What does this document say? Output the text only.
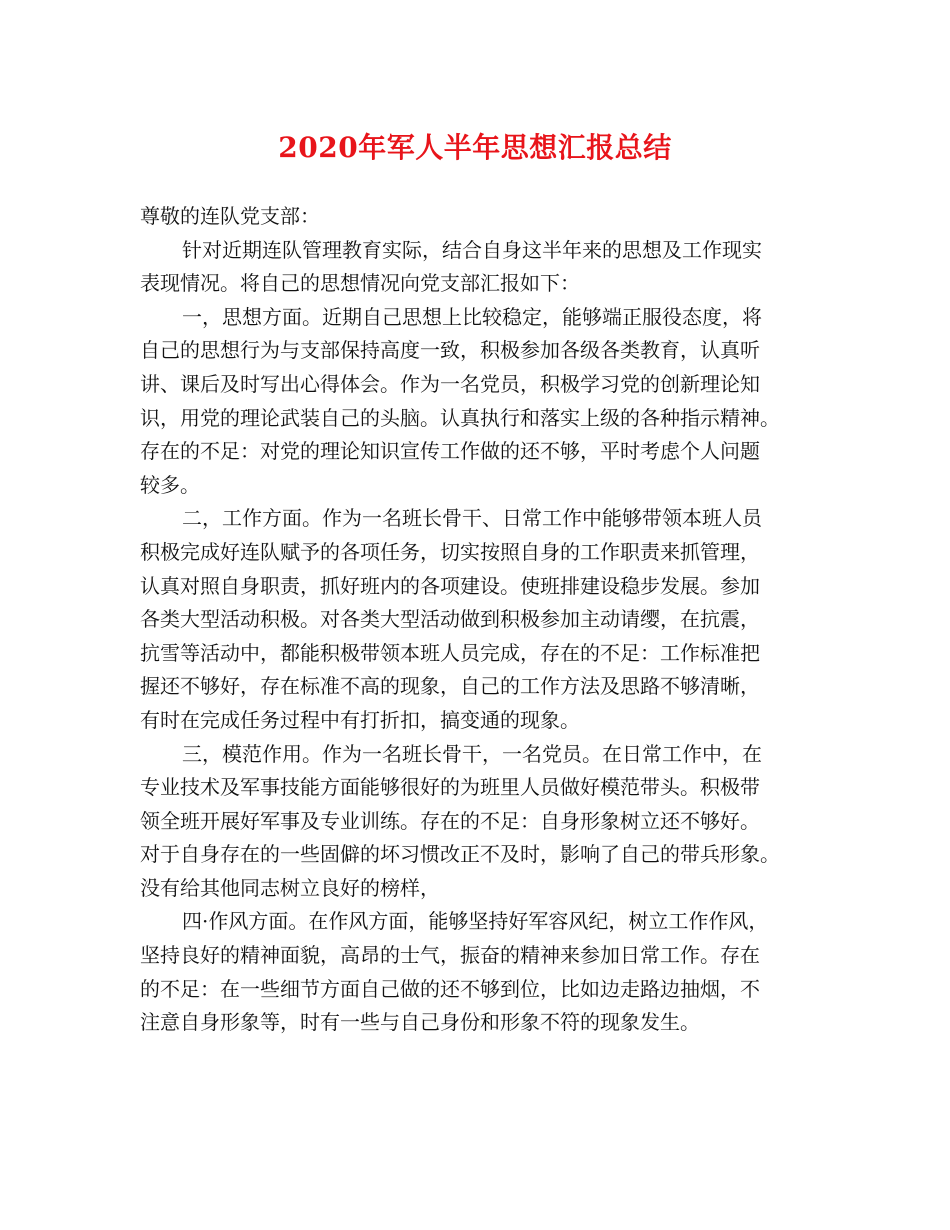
2020年军人半年思想汇报总结

尊敬的连队党支部：

针对近期连队管理教育实际，结合自身这半年来的思想及工作现实
表现情况。将自己的思想情况向党支部汇报如下：

一，思想方面。近期自己思想上比较稳定，能够端正服役态度，将
自己的思想行为与支部保持高度一致，积极参加各级各类教育，认真听
讲、课后及时写出心得体会。作为一名党员，积极学习党的创新理论知
识，用党的理论武装自己的头脑。认真执行和落实上级的各种指示精神。
存在的不足：对党的理论知识宣传工作做的还不够，平时考虑个人问题
较多。

二，工作方面。作为一名班长骨干、日常工作中能够带领本班人员
积极完成好连队赋予的各项任务，切实按照自身的工作职责来抓管理，
认真对照自身职责，抓好班内的各项建设。使班排建设稳步发展。参加
各类大型活动积极。对各类大型活动做到积极参加主动请缨，在抗震，
抗雪等活动中，都能积极带领本班人员完成，存在的不足：工作标准把
握还不够好，存在标准不高的现象，自己的工作方法及思路不够清晰，
有时在完成任务过程中有打折扣，搞变通的现象。

三，模范作用。作为一名班长骨干，一名党员。在日常工作中，在
专业技术及军事技能方面能够很好的为班里人员做好模范带头。积极带
领全班开展好军事及专业训练。存在的不足：自身形象树立还不够好。
对于自身存在的一些固僻的坏习惯改正不及时，影响了自己的带兵形象。
没有给其他同志树立良好的榜样，

四·作风方面。在作风方面，能够坚持好军容风纪，树立工作作风，
坚持良好的精神面貌，高昂的士气，振奋的精神来参加日常工作。存在
的不足：在一些细节方面自己做的还不够到位，比如边走路边抽烟，不
注意自身形象等，时有一些与自己身份和形象不符的现象发生。
